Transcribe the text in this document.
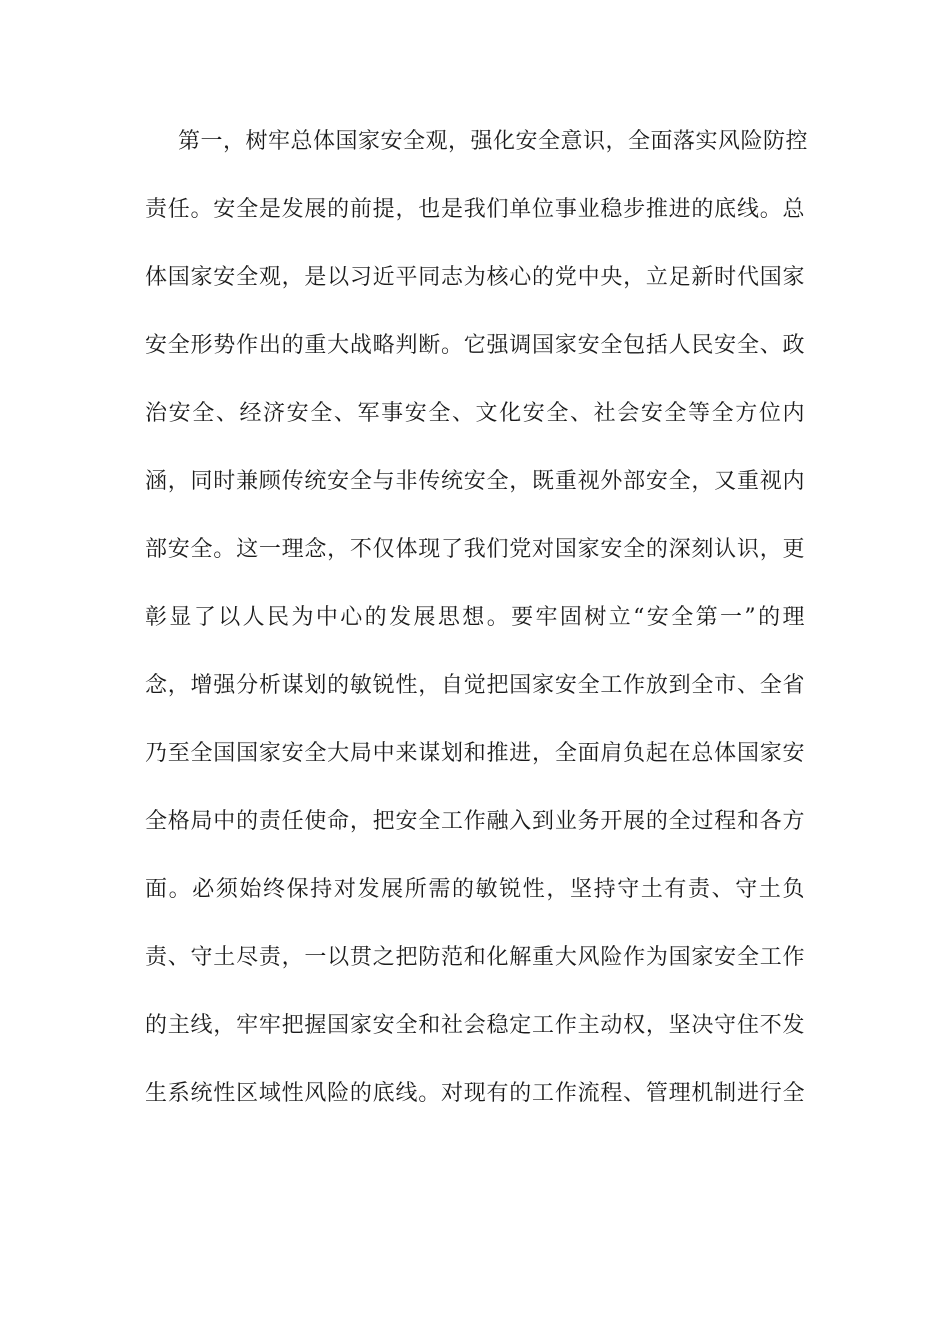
第一，树牢总体国家安全观，强化安全意识，全面落实风险防控
责任。安全是发展的前提，也是我们单位事业稳步推进的底线。总
体国家安全观，是以习近平同志为核心的党中央，立足新时代国家
安全形势作出的重大战略判断。它强调国家安全包括人民安全、政
治安全、经济安全、军事安全、文化安全、社会安全等全方位内
涵，同时兼顾传统安全与非传统安全，既重视外部安全，又重视内
部安全。这一理念，不仅体现了我们党对国家安全的深刻认识，更
彰显了以人民为中心的发展思想。要牢固树立“安全第一”的理
念，增强分析谋划的敏锐性，自觉把国家安全工作放到全市、全省
乃至全国国家安全大局中来谋划和推进，全面肩负起在总体国家安
全格局中的责任使命，把安全工作融入到业务开展的全过程和各方
面。必须始终保持对发展所需的敏锐性，坚持守土有责、守土负
责、守土尽责，一以贯之把防范和化解重大风险作为国家安全工作
的主线，牢牢把握国家安全和社会稳定工作主动权，坚决守住不发
生系统性区域性风险的底线。对现有的工作流程、管理机制进行全
